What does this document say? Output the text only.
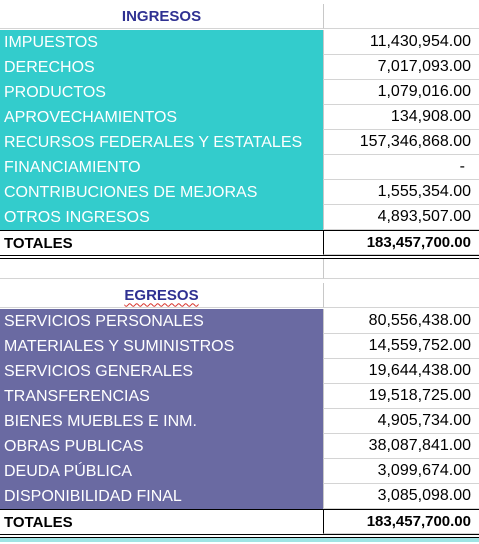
INGRESOS
IMPUESTOS	11,430,954.00
DERECHOS	7,017,093.00
PRODUCTOS	1,079,016.00
APROVECHAMIENTOS	134,908.00
RECURSOS FEDERALES Y ESTATALES	157,346,868.00
FINANCIAMIENTO	-
CONTRIBUCIONES DE MEJORAS	1,555,354.00
OTROS INGRESOS	4,893,507.00
TOTALES	183,457,700.00
EGRESOS
SERVICIOS PERSONALES	80,556,438.00
MATERIALES Y SUMINISTROS	14,559,752.00
SERVICIOS GENERALES	19,644,438.00
TRANSFERENCIAS	19,518,725.00
BIENES MUEBLES E INM.	4,905,734.00
OBRAS PUBLICAS	38,087,841.00
DEUDA PÚBLICA	3,099,674.00
DISPONIBILIDAD FINAL	3,085,098.00
TOTALES	183,457,700.00
